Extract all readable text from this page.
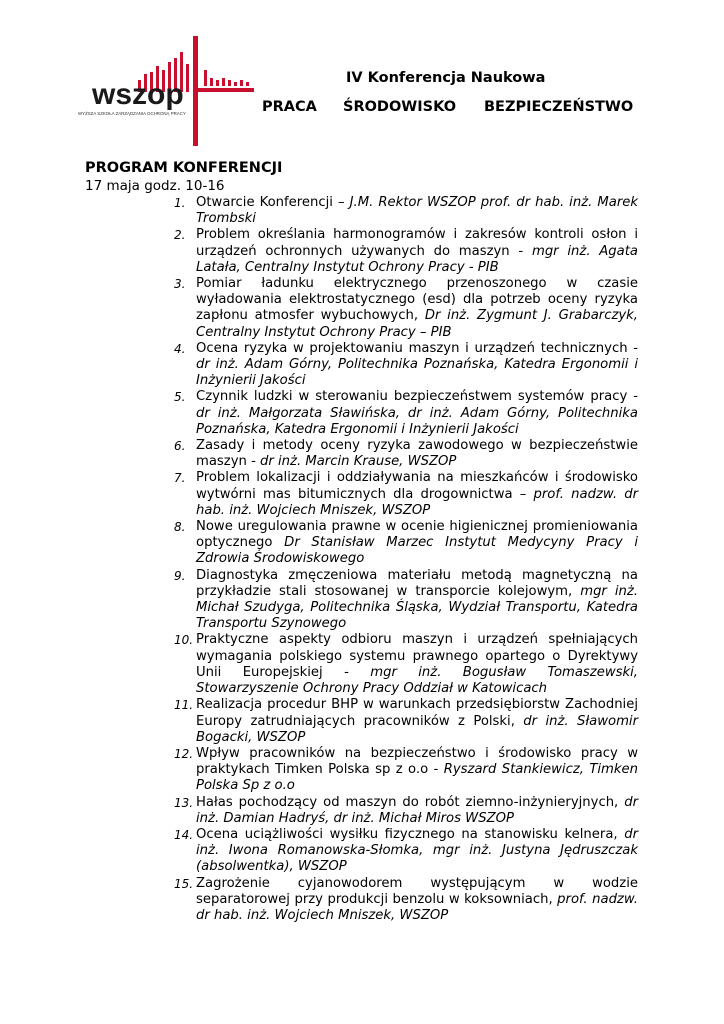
wszop
WYŻSZA SZKOŁA ZARZĄDZANIA OCHRONĄ PRACY
IV Konferencja Naukowa
PRACA ŚRODOWISKO BEZPIECZEŃSTWO
PROGRAM KONFERENCJI
17 maja godz. 10-16
1. Otwarcie Konferencji – J.M. Rektor WSZOP prof. dr hab. inż. Marek Trombski
2. Problem określania harmonogramów i zakresów kontroli osłon i urządzeń ochronnych używanych do maszyn - mgr inż. Agata Latała, Centralny Instytut Ochrony Pracy - PIB
3. Pomiar ładunku elektrycznego przenoszonego w czasie wyładowania elektrostatycznego (esd) dla potrzeb oceny ryzyka zapłonu atmosfer wybuchowych, Dr inż. Zygmunt J. Grabarczyk, Centralny Instytut Ochrony Pracy – PIB
4. Ocena ryzyka w projektowaniu maszyn i urządzeń technicznych - dr inż. Adam Górny, Politechnika Poznańska, Katedra Ergonomii i Inżynierii Jakości
5. Czynnik ludzki w sterowaniu bezpieczeństwem systemów pracy - dr inż. Małgorzata Sławińska, dr inż. Adam Górny, Politechnika Poznańska, Katedra Ergonomii i Inżynierii Jakości
6. Zasady i metody oceny ryzyka zawodowego w bezpieczeństwie maszyn - dr inż. Marcin Krause, WSZOP
7. Problem lokalizacji i oddziaływania na mieszkańców i środowisko wytwórni mas bitumicznych dla drogownictwa – prof. nadzw. dr hab. inż. Wojciech Mniszek, WSZOP
8. Nowe uregulowania prawne w ocenie higienicznej promieniowania optycznego Dr Stanisław Marzec Instytut Medycyny Pracy i Zdrowia Środowiskowego
9. Diagnostyka zmęczeniowa materiału metodą magnetyczną na przykładzie stali stosowanej w transporcie kolejowym, mgr inż. Michał Szudyga, Politechnika Śląska, Wydział Transportu, Katedra Transportu Szynowego
10. Praktyczne aspekty odbioru maszyn i urządzeń spełniających wymagania polskiego systemu prawnego opartego o Dyrektywy Unii Europejskiej - mgr inż. Bogusław Tomaszewski, Stowarzyszenie Ochrony Pracy Oddział w Katowicach
11. Realizacja procedur BHP w warunkach przedsiębiorstw Zachodniej Europy zatrudniających pracowników z Polski, dr inż. Sławomir Bogacki, WSZOP
12. Wpływ pracowników na bezpieczeństwo i środowisko pracy w praktykach Timken Polska sp z o.o - Ryszard Stankiewicz, Timken Polska Sp z o.o
13. Hałas pochodzący od maszyn do robót ziemno-inżynieryjnych, dr inż. Damian Hadryś, dr inż. Michał Miros WSZOP
14. Ocena uciążliwości wysiłku fizycznego na stanowisku kelnera, dr inż. Iwona Romanowska-Słomka, mgr inż. Justyna Jędruszczak (absolwentka), WSZOP
15. Zagrożenie cyjanowodorem występującym w wodzie separatorowej przy produkcji benzolu w koksowniach, prof. nadzw. dr hab. inż. Wojciech Mniszek, WSZOP
